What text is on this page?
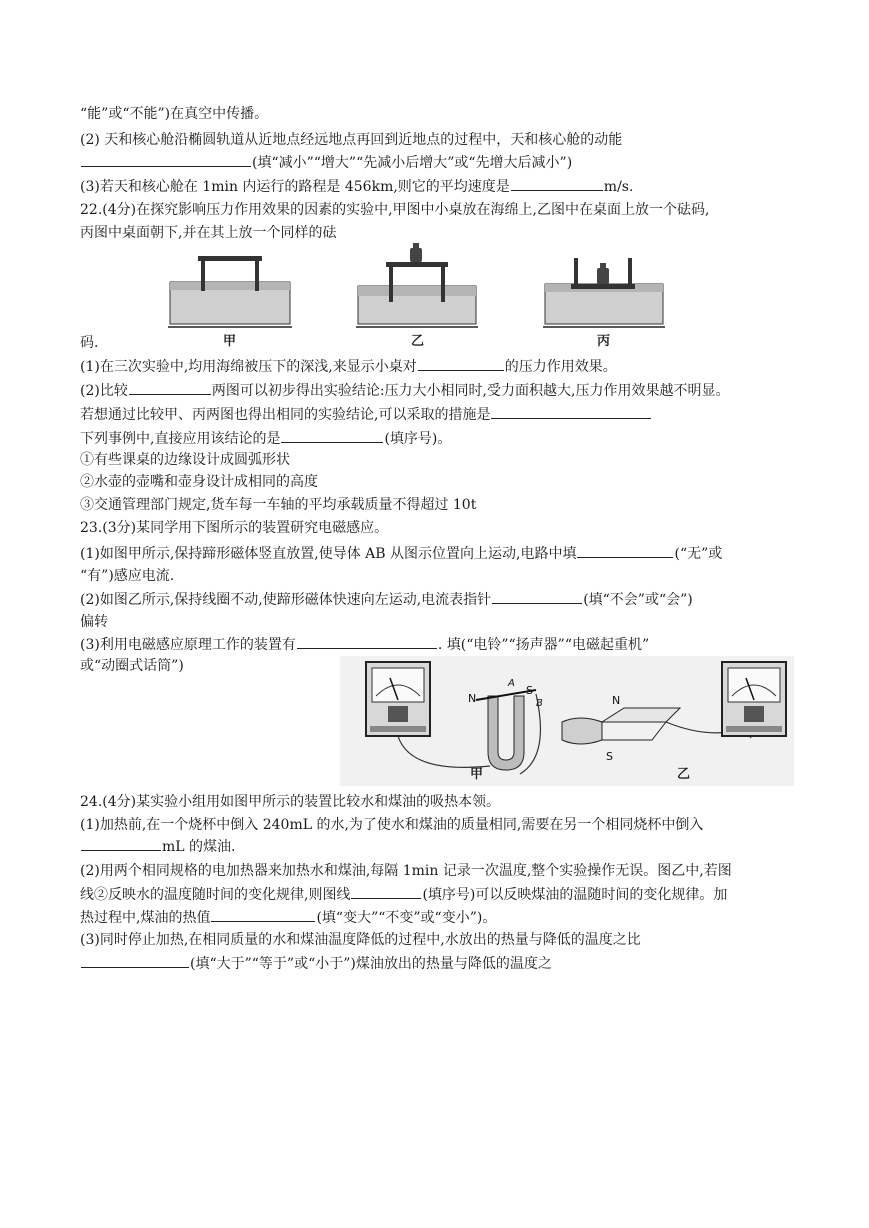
“能”或“不能”)在真空中传播。
(2) 天和核心舱沿椭圆轨道从近地点经远地点再回到近地点的过程中，天和核心舱的动能
(填“减小”“增大”“先减小后增大”或“先增大后减小”)
(3)若天和核心舱在 1min 内运行的路程是 456km,则它的平均速度是	m/s.
22.(4分)在探究影响压力作用效果的因素的实验中,甲图中小桌放在海绵上,乙图中在桌面上放一个砝码,
丙图中桌面朝下,并在其上放一个同样的砝
甲	乙	丙
码.
(1)在三次实验中,均用海绵被压下的深浅,来显示小桌对	的压力作用效果。
(2)比较	两图可以初步得出实验结论:压力大小相同时,受力面积越大,压力作用效果越不明显。
若想通过比较甲、丙两图也得出相同的实验结论,可以采取的措施是
下列事例中,直接应用该结论的是	(填序号)。
①有些课桌的边缘设计成圆弧形状
②水壶的壶嘴和壶身设计成相同的高度
③交通管理部门规定,货车每一车轴的平均承载质量不得超过 10t
23.(3分)某同学用下图所示的装置研究电磁感应。
(1)如图甲所示,保持蹄形磁体竖直放置,使导体 AB 从图示位置向上运动,电路中填	(“无”或
“有”)感应电流.
(2)如图乙所示,保持线圈不动,使蹄形磁体快速向左运动,电流表指针	(填“不会”或“会”)
偏转
(3)利用电磁感应原理工作的装置有	. 填(“电铃”“扬声器”“电磁起重机”
或“动圈式话筒”)
N
A
S
B	N
S
甲	乙
24.(4分)某实验小组用如图甲所示的装置比较水和煤油的吸热本领。
(1)加热前,在一个烧杯中倒入 240mL 的水,为了使水和煤油的质量相同,需要在另一个相同烧杯中倒入
mL 的煤油.
(2)用两个相同规格的电加热器来加热水和煤油,每隔 1min 记录一次温度,整个实验操作无误。图乙中,若图
线②反映水的温度随时间的变化规律,则图线	(填序号)可以反映煤油的温随时间的变化规律。加
热过程中,煤油的热值	(填“变大”“不变”或“变小”)。
(3)同时停止加热,在相同质量的水和煤油温度降低的过程中,水放出的热量与降低的温度之比
(填“大于”“等于”或“小于”)煤油放出的热量与降低的温度之
